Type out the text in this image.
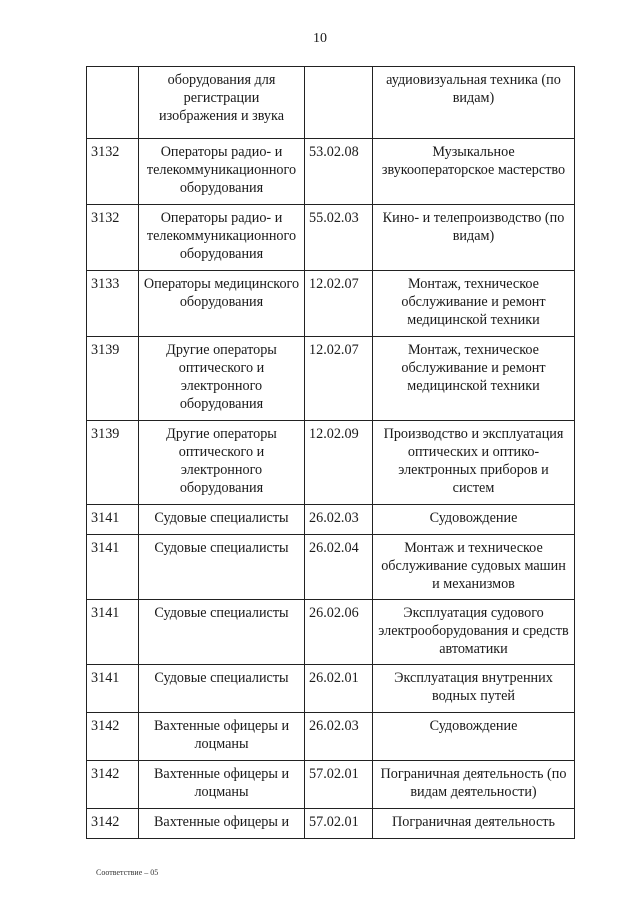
10
	оборудования для регистрации изображения и звука		аудиовизуальная техника (по видам)
3132	Операторы радио- и телекоммуникационного оборудования	53.02.08	Музыкальное звукооператорское мастерство
3132	Операторы радио- и телекоммуникационного оборудования	55.02.03	Кино- и телепроизводство (по видам)
3133	Операторы медицинского оборудования	12.02.07	Монтаж, техническое обслуживание и ремонт медицинской техники
3139	Другие операторы оптического и электронного оборудования	12.02.07	Монтаж, техническое обслуживание и ремонт медицинской техники
3139	Другие операторы оптического и электронного оборудования	12.02.09	Производство и эксплуатация оптических и оптико-электронных приборов и систем
3141	Судовые специалисты	26.02.03	Судовождение
3141	Судовые специалисты	26.02.04	Монтаж и техническое обслуживание судовых машин и механизмов
3141	Судовые специалисты	26.02.06	Эксплуатация судового электрооборудования и средств автоматики
3141	Судовые специалисты	26.02.01	Эксплуатация внутренних водных путей
3142	Вахтенные офицеры и лоцманы	26.02.03	Судовождение
3142	Вахтенные офицеры и лоцманы	57.02.01	Пограничная деятельность (по видам деятельности)
3142	Вахтенные офицеры и	57.02.01	Пограничная деятельность
Соответствие – 05
